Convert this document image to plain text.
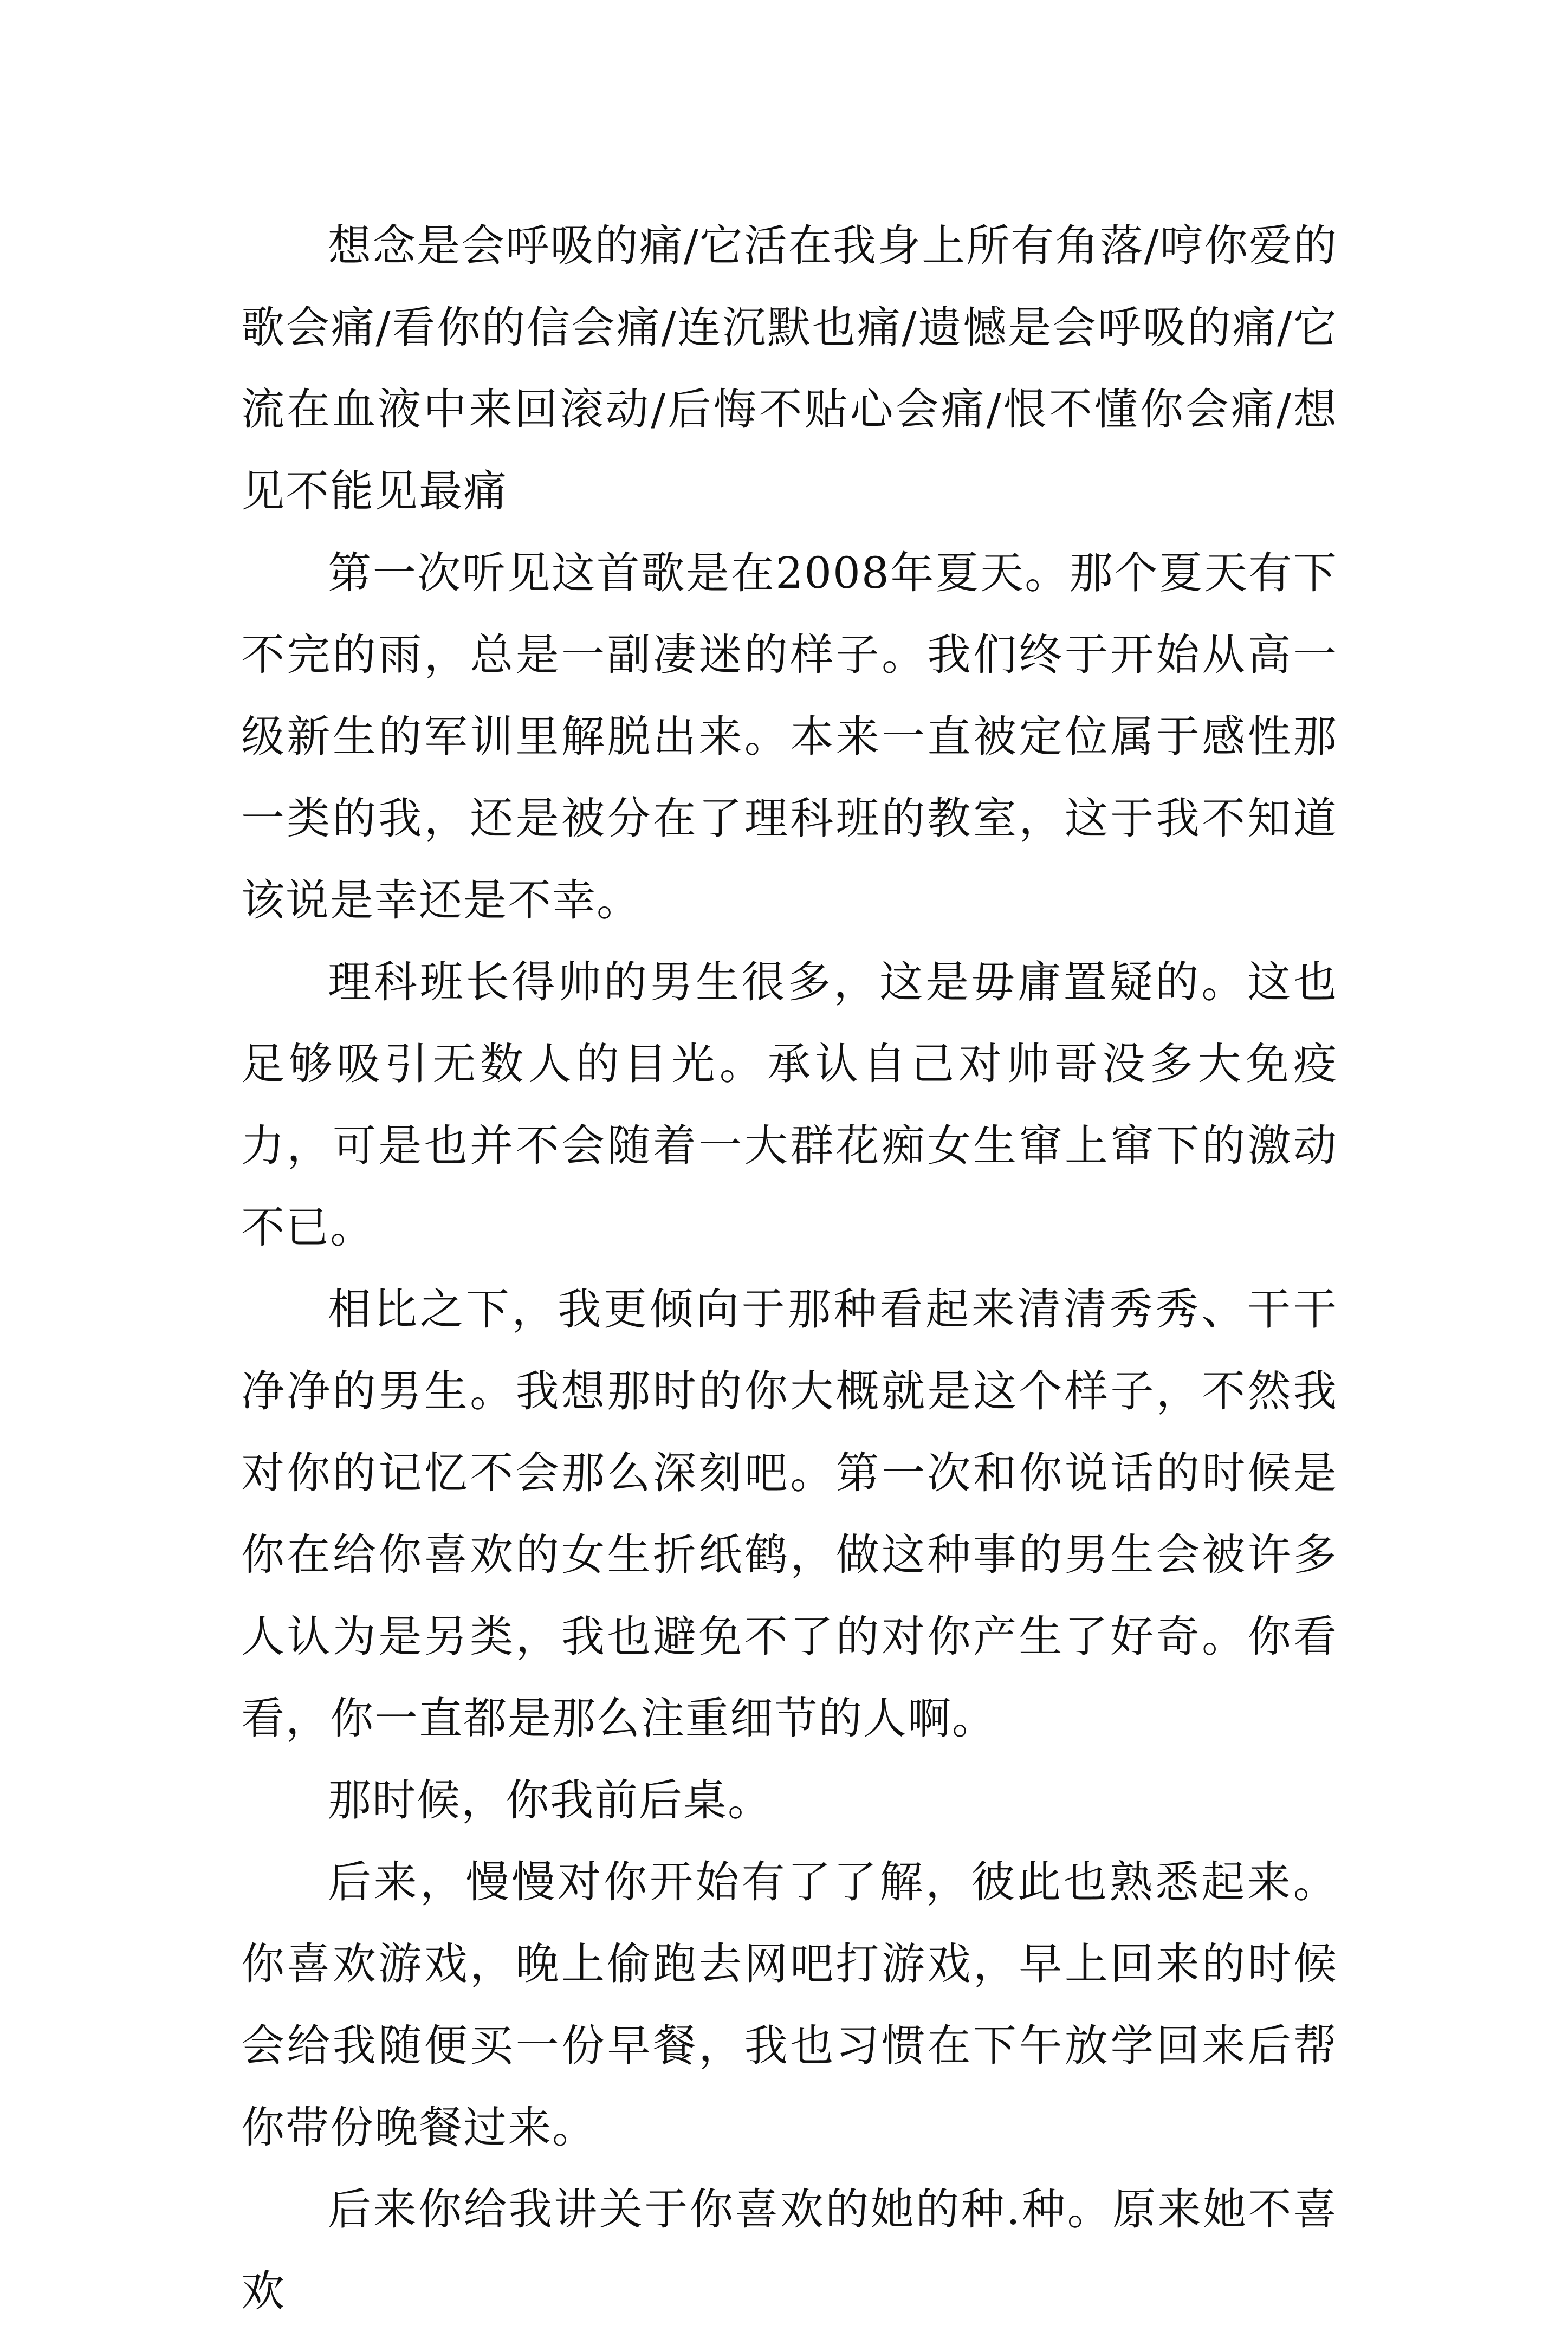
想念是会呼吸的痛/它活在我身上所有角落/哼你爱的歌会痛/看你的信会痛/连沉默也痛/遗憾是会呼吸的痛/它流在血液中来回滚动/后悔不贴心会痛/恨不懂你会痛/想见不能见最痛

第一次听见这首歌是在2008年夏天。那个夏天有下不完的雨，总是一副凄迷的样子。我们终于开始从高一级新生的军训里解脱出来。本来一直被定位属于感性那一类的我，还是被分在了理科班的教室，这于我不知道该说是幸还是不幸。

理科班长得帅的男生很多，这是毋庸置疑的。这也足够吸引无数人的目光。承认自己对帅哥没多大免疫力，可是也并不会随着一大群花痴女生窜上窜下的激动不已。

相比之下，我更倾向于那种看起来清清秀秀、干干净净的男生。我想那时的你大概就是这个样子，不然我对你的记忆不会那么深刻吧。第一次和你说话的时候是你在给你喜欢的女生折纸鹤，做这种事的男生会被许多人认为是另类，我也避免不了的对你产生了好奇。你看看，你一直都是那么注重细节的人啊。

那时候，你我前后桌。

后来，慢慢对你开始有了了解，彼此也熟悉起来。你喜欢游戏，晚上偷跑去网吧打游戏，早上回来的时候会给我随便买一份早餐，我也习惯在下午放学回来后帮你带份晚餐过来。

后来你给我讲关于你喜欢的她的种.种。原来她不喜欢
